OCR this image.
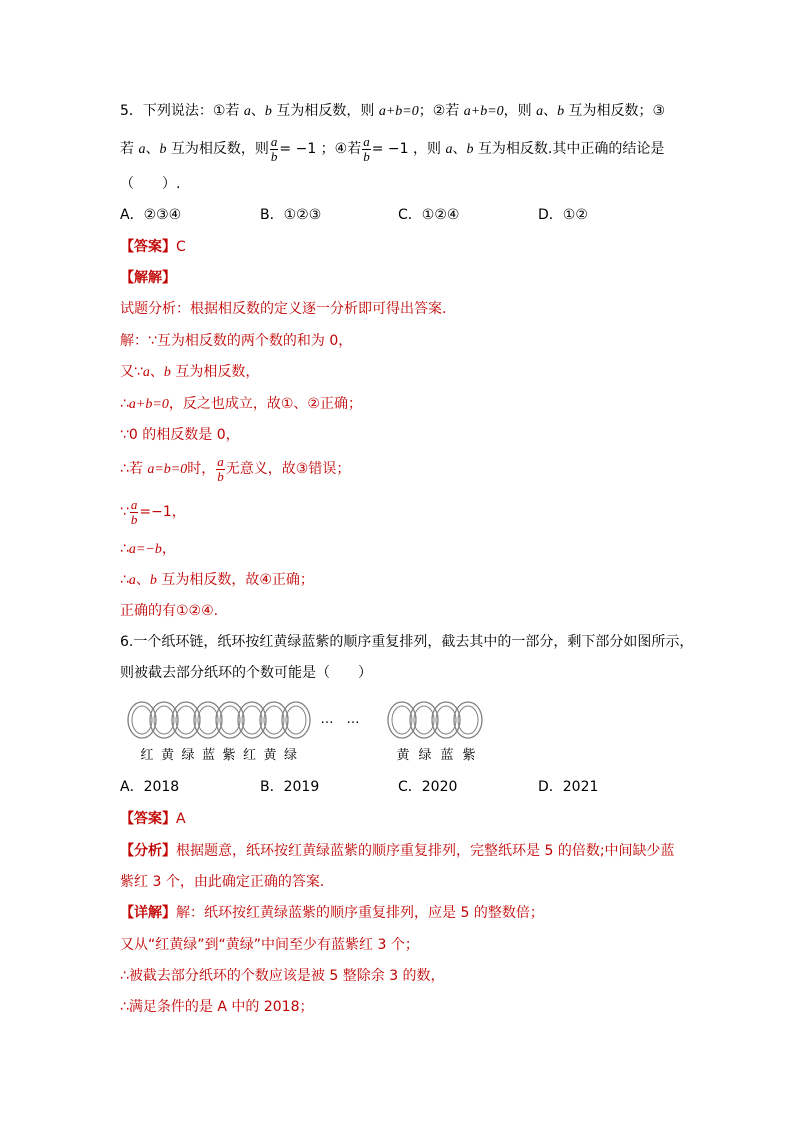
5．下列说法：①若 a、b 互为相反数，则 a+b=0；②若 a+b=0，则 a、b 互为相反数；③
若 a、b 互为相反数，则 $\frac{a}{b} = -1$ ；④若 $\frac{a}{b} = -1$ ，则 a、b 互为相反数.其中正确的结论是
（　　）.
A．②③④	B．①②③	C．①②④	D．①②
【答案】C
【解解】
试题分析：根据相反数的定义逐一分析即可得出答案.
解：∵互为相反数的两个数的和为 0，
又∵a、b 互为相反数，
∴a+b=0，反之也成立，故①、②正确；
∵0 的相反数是 0，
∴若 a=b=0时， $\frac{a}{b}$ 无意义，故③错误；
∵ $\frac{a}{b} =-1$，
∴a=−b，
∴a、b 互为相反数，故④正确；
正确的有①②④.
6.一个纸环链，纸环按红黄绿蓝紫的顺序重复排列，截去其中的一部分，剩下部分如图所示，
则被截去部分纸环的个数可能是（　　）
…　…
红 黄 绿 蓝 紫 红 黄 绿	黄 绿 蓝 紫
A．2018	B．2019	C．2020	D．2021
【答案】A
【分析】根据题意，纸环按红黄绿蓝紫的顺序重复排列，完整纸环是 5 的倍数;中间缺少蓝
紫红 3 个，由此确定正确的答案.
【详解】解：纸环按红黄绿蓝紫的顺序重复排列，应是 5 的整数倍；
又从“红黄绿”到“黄绿”中间至少有蓝紫红 3 个；
∴被截去部分纸环的个数应该是被 5 整除余 3 的数，
∴满足条件的是 A 中的 2018；
